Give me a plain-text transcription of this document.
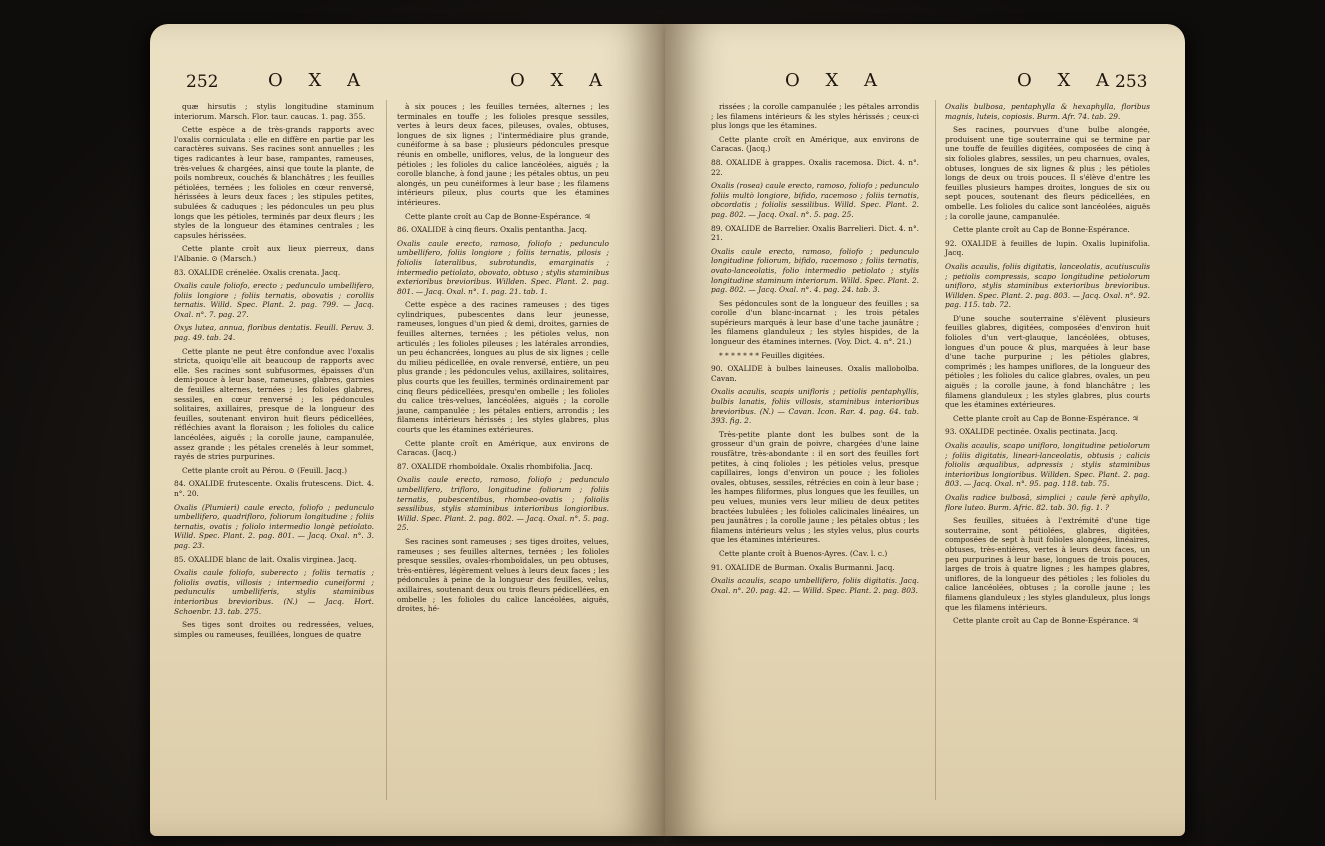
252	O X A	O X A

quæ hirsutis ; stylis longitudine staminum interiorum. Marsch. Flor. taur. caucas. 1. pag. 355.

Cette espèce a de très-grands rapports avec l'oxalis corniculata : elle en diffère en partie par les caractères suivans. Ses racines sont annuelles ; les tiges radicantes à leur base, rampantes, rameuses, très-velues & chargées, ainsi que toute la plante, de poils nombreux, couchés & blanchâtres ; les feuilles pétiolées, ternées ; les folioles en cœur renversé, hérissées à leurs deux faces ; les stipules petites, subulées & caduques ; les pédoncules un peu plus longs que les pétioles, terminés par deux fleurs ; les styles de la longueur des étamines centrales ; les capsules hérissées.

Cette plante croît aux lieux pierreux, dans l'Albanie. ⊙ (Marsch.)

83. OXALIDE crénelée. Oxalis crenata. Jacq.

Oxalis caule foliofo, erecto ; pedunculo umbellifero, foliis longiore ; foliis ternatis, obovatis ; corollis ternatis. Willd. Spec. Plant. 2. pag. 799. — Jacq. Oxal. n°. 7. pag. 27.

Oxys lutea, annua, floribus dentatis. Feuill. Peruv. 3. pag. 49. tab. 24.

Cette plante ne peut être confondue avec l'oxalis stricta, quoiqu'elle ait beaucoup de rapports avec elle. Ses racines sont subfusormes, épaisses d'un demi-pouce à leur base, rameuses, glabres, garnies de feuilles alternes, ternées ; les folioles glabres, sessiles, en cœur renversé ; les pédoncules solitaires, axillaires, presque de la longueur des feuilles, soutenant environ huit fleurs pédicellées, réfléchies avant la floraison ; les folioles du calice lancéolées, aiguës ; la corolle jaune, campanulée, assez grande ; les pétales crenelés à leur sommet, rayés de stries purpurines.

Cette plante croît au Pérou. ⊙ (Feuill. Jacq.)

84. OXALIDE frutescente. Oxalis frutescens. Dict. 4. n°. 20.

Oxalis (Plumieri) caule erecto, foliofo ; pedunculo umbellifero, quadrifloro, foliorum longitudine ; foliis ternatis, ovatis ; foliolo intermedio longè petiolato. Willd. Spec. Plant. 2. pag. 801. — Jacq. Oxal. n°. 3. pag. 23.

85. OXALIDE blanc de lait. Oxalis virginea. Jacq.

Oxalis caule foliofo, suberecto ; foliis ternatis ; foliolis ovatis, villosis ; intermedio cuneiformi ; pedunculis umbelliferis, stylis staminibus interioribus brevioribus. (N.) — Jacq. Hort. Schoenbr. 13. tab. 275.

Ses tiges sont droites ou redressées, velues, simples ou rameuses, feuillées, longues de quatre

à six pouces ; les feuilles ternées, alternes ; les terminales en touffe ; les folioles presque sessiles, vertes à leurs deux faces, pileuses, ovales, obtuses, longues de six lignes ; l'intermédiaire plus grande, cunéiforme à sa base ; plusieurs pédoncules presque réunis en ombelle, uniflores, velus, de la longueur des pétioles ; les folioles du calice lancéolées, aiguës ; la corolle blanche, à fond jaune ; les pétales obtus, un peu alongés, un peu cunéiformes à leur base ; les filamens intérieurs pileux, plus courts que les étamines intérieures.

Cette plante croît au Cap de Bonne-Espérance. ♃

86. OXALIDE à cinq fleurs. Oxalis pentantha. Jacq.

Oxalis caule erecto, ramoso, foliofo ; pedunculo umbellifero, foliis longiore ; foliis ternatis, pilosis ; foliolis lateralibus, subrotundis, emarginatis ; intermedio petiolato, obovato, obtuso ; stylis staminibus exterioribus brevioribus. Willden. Spec. Plant. 2. pag. 801. — Jacq. Oxal. n°. 1. pag. 21. tab. 1.

Cette espèce a des racines rameuses ; des tiges cylindriques, pubescentes dans leur jeunesse, rameuses, longues d'un pied & demi, droites, garnies de feuilles alternes, ternées ; les pétioles velus, non articulés ; les folioles pileuses ; les latérales arrondies, un peu échancrées, longues au plus de six lignes ; celle du milieu pédicellée, en ovale renversé, entière, un peu plus grande ; les pédoncules velus, axillaires, solitaires, plus courts que les feuilles, terminés ordinairement par cinq fleurs pédicellées, presqu'en ombelle ; les folioles du calice très-velues, lancéolées, aiguës ; la corolle jaune, campanulée ; les pétales entiers, arrondis ; les filamens intérieurs hérissés ; les styles glabres, plus courts que les étamines extérieures.

Cette plante croît en Amérique, aux environs de Caracas. (Jacq.)

87. OXALIDE rhomboïdale. Oxalis rhombifolia. Jacq.

Oxalis caule erecto, ramoso, foliofo ; pedunculo umbellifero, trifloro, longitudine foliorum ; foliis ternatis, pubescentibus, rhombeo-ovatis ; foliolis sessilibus, stylis staminibus interioribus longioribus. Willd. Spec. Plant. 2. pag. 802. — Jacq. Oxal. n°. 5. pag. 25.

Ses racines sont rameuses ; ses tiges droites, velues, rameuses ; ses feuilles alternes, ternées ; les folioles presque sessiles, ovales-rhomboïdales, un peu obtuses, très-entières, légèrement velues à leurs deux faces ; les pédoncules à peine de la longueur des feuilles, velus, axillaires, soutenant deux ou trois fleurs pédicellées, en ombelle ; les folioles du calice lancéolées, aiguës, droites, hé-

O X A	O X A
253

rissées ; la corolle campanulée ; les pétales arrondis ; les filamens intérieurs & les styles hérissés ; ceux-ci plus longs que les étamines.

Cette plante croît en Amérique, aux environs de Caracas. (Jacq.)

88. OXALIDE à grappes. Oxalis racemosa. Dict. 4. n°. 22.

Oxalis (rosea) caule erecto, ramoso, foliofo ; pedunculo foliis multò longiore, bifido, racemoso ; foliis ternatis, obcordatis ; foliolis sessilibus. Willd. Spec. Plant. 2. pag. 802. — Jacq. Oxal. n°. 5. pag. 25.

89. OXALIDE de Barrelier. Oxalis Barrelieri. Dict. 4. n°. 21.

Oxalis caule erecto, ramoso, foliofo ; pedunculo longitudine foliorum, bifido, racemoso ; foliis ternatis, ovato-lanceolatis, folio intermedio petiolato ; stylis longitudine staminum interiorum. Willd. Spec. Plant. 2. pag. 802. — Jacq. Oxal. n°. 4. pag. 24. tab. 3.

Ses pédoncules sont de la longueur des feuilles ; sa corolle d'un blanc-incarnat ; les trois pétales supérieurs marqués à leur base d'une tache jaunâtre ; les filamens glanduleux ; les styles hispides, de la longueur des étamines internes. (Voy. Dict. 4. n°. 21.)

* * * * * * * Feuilles digitées.

90. OXALIDE à bulbes laineuses. Oxalis mallobolba. Cavan.

Oxalis acaulis, scapis unifloris ; petiolis pentaphyllis, bulbis lanatis, foliis villosis, staminibus interioribus brevioribus. (N.) — Cavan. Icon. Rar. 4. pag. 64. tab. 393. fig. 2.

Très-petite plante dont les bulbes sont de la grosseur d'un grain de poivre, chargées d'une laine rousfâtre, très-abondante : il en sort des feuilles fort petites, à cinq folioles ; les pétioles velus, presque capillaires, longs d'environ un pouce ; les folioles ovales, obtuses, sessiles, rétrécies en coin à leur base ; les hampes filiformes, plus longues que les feuilles, un peu velues, munies vers leur milieu de deux petites bractées lubulées ; les folioles calicinales linéaires, un peu jaunâtres ; la corolle jaune ; les pétales obtus ; les filamens intérieurs velus ; les styles velus, plus courts que les étamines intérieures.

Cette plante croît à Buenos-Ayres. (Cav. l. c.)

91. OXALIDE de Burman. Oxalis Burmanni. Jacq.

Oxalis acaulis, scapo umbellifero, foliis digitatis. Jacq. Oxal. n°. 20. pag. 42. — Willd. Spec. Plant. 2. pag. 803.

Oxalis bulbosa, pentaphylla & hexaphylla, floribus magnis, luteis, copiosis. Burm. Afr. 74. tab. 29.

Ses racines, pourvues d'une bulbe alongée, produisent une tige souterraine qui se termine par une touffe de feuilles digitées, composées de cinq à six folioles glabres, sessiles, un peu charnues, ovales, obtuses, longues de six lignes & plus ; les pétioles longs de deux ou trois pouces. Il s'élève d'entre les feuilles plusieurs hampes droites, longues de six ou sept pouces, soutenant des fleurs pédicellées, en ombelle. Les folioles du calice sont lancéolées, aiguës ; la corolle jaune, campanulée.

Cette plante croît au Cap de Bonne-Espérance.

92. OXALIDE à feuilles de lupin. Oxalis lupinifolia. Jacq.

Oxalis acaulis, foliis digitatis, lanceolatis, acutiusculis ; petiolis compressis, scapo longitudine petiolorum unifloro, stylis staminibus exterioribus brevioribus. Willden. Spec. Plant. 2. pag. 803. — Jacq. Oxal. n°. 92. pag. 115. tab. 72.

D'une souche souterraine s'élèvent plusieurs feuilles glabres, digitées, composées d'environ huit folioles d'un vert-glauque, lancéolées, obtuses, longues d'un pouce & plus, marquées à leur base d'une tache purpurine ; les pétioles glabres, comprimés ; les hampes uniflores, de la longueur des pétioles ; les folioles du calice glabres, ovales, un peu aiguës ; la corolle jaune, à fond blanchâtre ; les filamens glanduleux ; les styles glabres, plus courts que les étamines extérieures.

Cette plante croît au Cap de Bonne-Espérance. ♃

93. OXALIDE pectinée. Oxalis pectinata. Jacq.

Oxalis acaulis, scapo unifloro, longitudine petiolorum ; foliis digitatis, lineari-lanceolatis, obtusis ; calicis foliolis æqualibus, adpressis ; stylis staminibus interioribus longioribus. Willden. Spec. Plant. 2. pag. 803. — Jacq. Oxal. n°. 95. pag. 118. tab. 75.

Oxalis radice bulbosâ, simplici ; caule ferè aphyllo, flore luteo. Burm. Afric. 82. tab. 30. fig. 1. ?

Ses feuilles, situées à l'extrémité d'une tige souterraine, sont pétiolées, glabres, digitées, composées de sept à huit folioles alongées, linéaires, obtuses, très-entières, vertes à leurs deux faces, un peu purpurines à leur base, longues de trois pouces, larges de trois à quatre lignes ; les hampes glabres, uniflores, de la longueur des pétioles ; les folioles du calice lancéolées, obtuses ; la corolle jaune ; les filamens glanduleux ; les styles glanduleux, plus longs que les filamens intérieurs.

Cette plante croît au Cap de Bonne-Espérance. ♃
